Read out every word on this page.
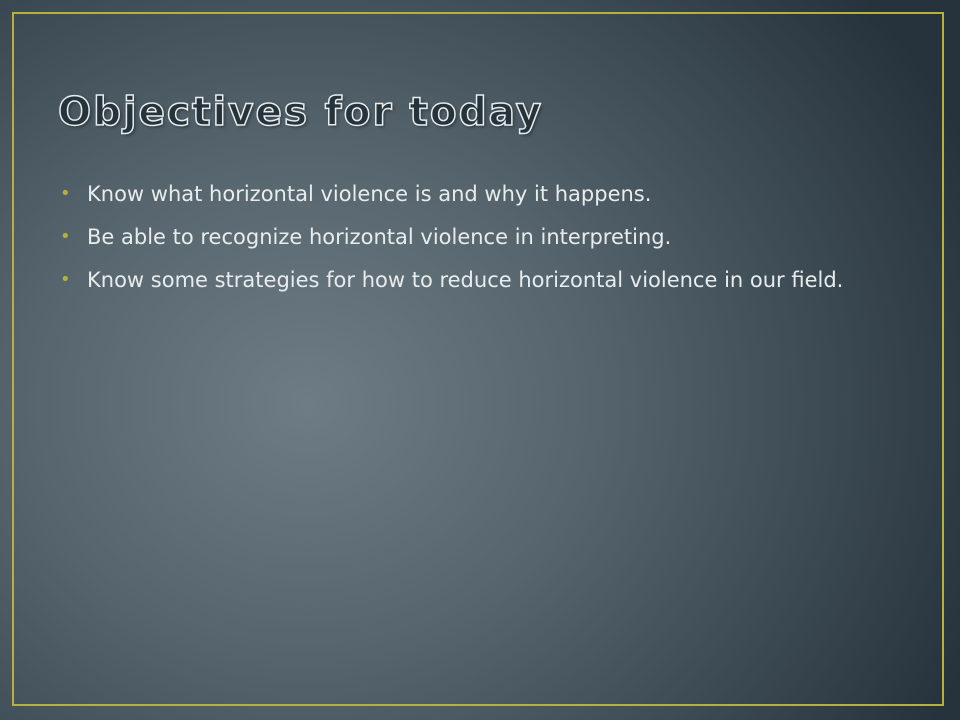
Objectives for today
• Know what horizontal violence is and why it happens.
• Be able to recognize horizontal violence in interpreting.
• Know some strategies for how to reduce horizontal violence in our field.
